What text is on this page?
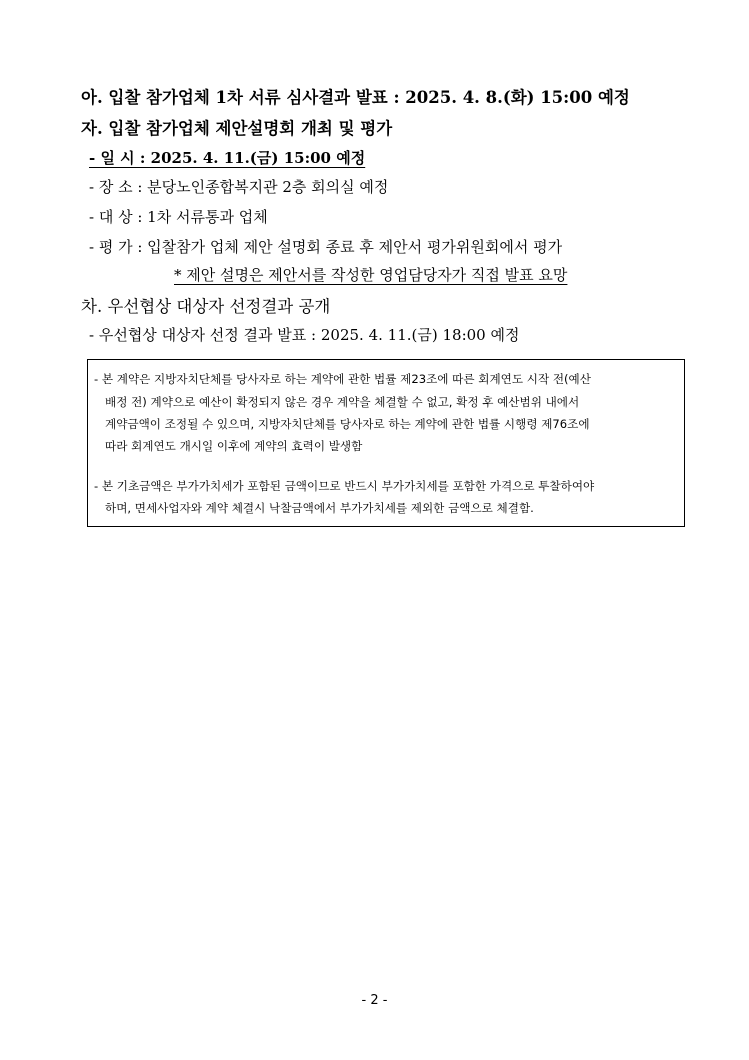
아. 입찰 참가업체 1차 서류 심사결과 발표 : 2025. 4. 8.(화) 15:00 예정
자. 입찰 참가업체 제안설명회 개최 및 평가
- 일 시 : 2025. 4. 11.(금) 15:00 예정
- 장 소 : 분당노인종합복지관 2층 회의실 예정
- 대 상 : 1차 서류통과 업체
- 평 가 : 입찰참가 업체 제안 설명회 종료 후 제안서 평가위원회에서 평가
* 제안 설명은 제안서를 작성한 영업담당자가 직접 발표 요망
차. 우선협상 대상자 선정결과 공개
- 우선협상 대상자 선정 결과 발표 : 2025. 4. 11.(금) 18:00 예정
- 본 계약은 지방자치단체를 당사자로 하는 계약에 관한 법률 제23조에 따른 회계연도 시작 전(예산
배정 전) 계약으로 예산이 확정되지 않은 경우 계약을 체결할 수 없고, 확정 후 예산범위 내에서
계약금액이 조정될 수 있으며, 지방자치단체를 당사자로 하는 계약에 관한 법률 시행령 제76조에
따라 회계연도 개시일 이후에 계약의 효력이 발생함
- 본 기초금액은 부가가치세가 포함된 금액이므로 반드시 부가가치세를 포함한 가격으로 투찰하여야
하며, 면세사업자와 계약 체결시 낙찰금액에서 부가가치세를 제외한 금액으로 체결함.
- 2 -
